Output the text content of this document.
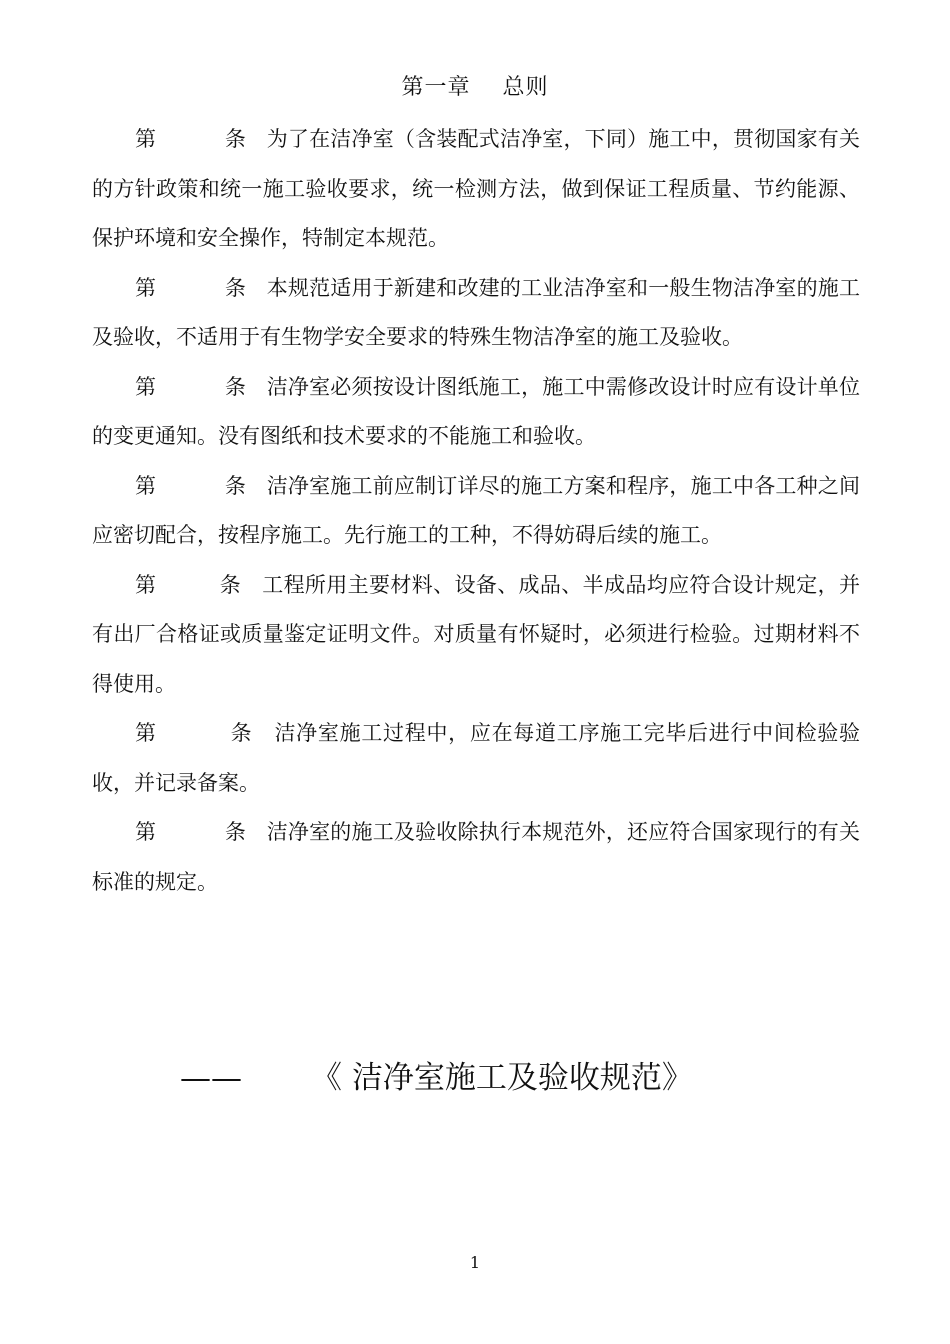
第一章    总则

第          条   为了在洁净室（含装配式洁净室，下同）施工中，贯彻国家有关的方针政策和统一施工验收要求，统一检测方法，做到保证工程质量、节约能源、保护环境和安全操作，特制定本规范。

第          条   本规范适用于新建和改建的工业洁净室和一般生物洁净室的施工及验收，不适用于有生物学安全要求的特殊生物洁净室的施工及验收。

第          条   洁净室必须按设计图纸施工，施工中需修改设计时应有设计单位的变更通知。没有图纸和技术要求的不能施工和验收。

第          条   洁净室施工前应制订详尽的施工方案和程序，施工中各工种之间应密切配合，按程序施工。先行施工的工种，不得妨碍后续的施工。

第         条   工程所用主要材料、设备、成品、半成品均应符合设计规定，并有出厂合格证或质量鉴定证明文件。对质量有怀疑时，必须进行检验。过期材料不得使用。

第          条   洁净室施工过程中，应在每道工序施工完毕后进行中间检验验收，并记录备案。

第          条   洁净室的施工及验收除执行本规范外，还应符合国家现行的有关标准的规定。

——       《 洁净室施工及验收规范》
1
